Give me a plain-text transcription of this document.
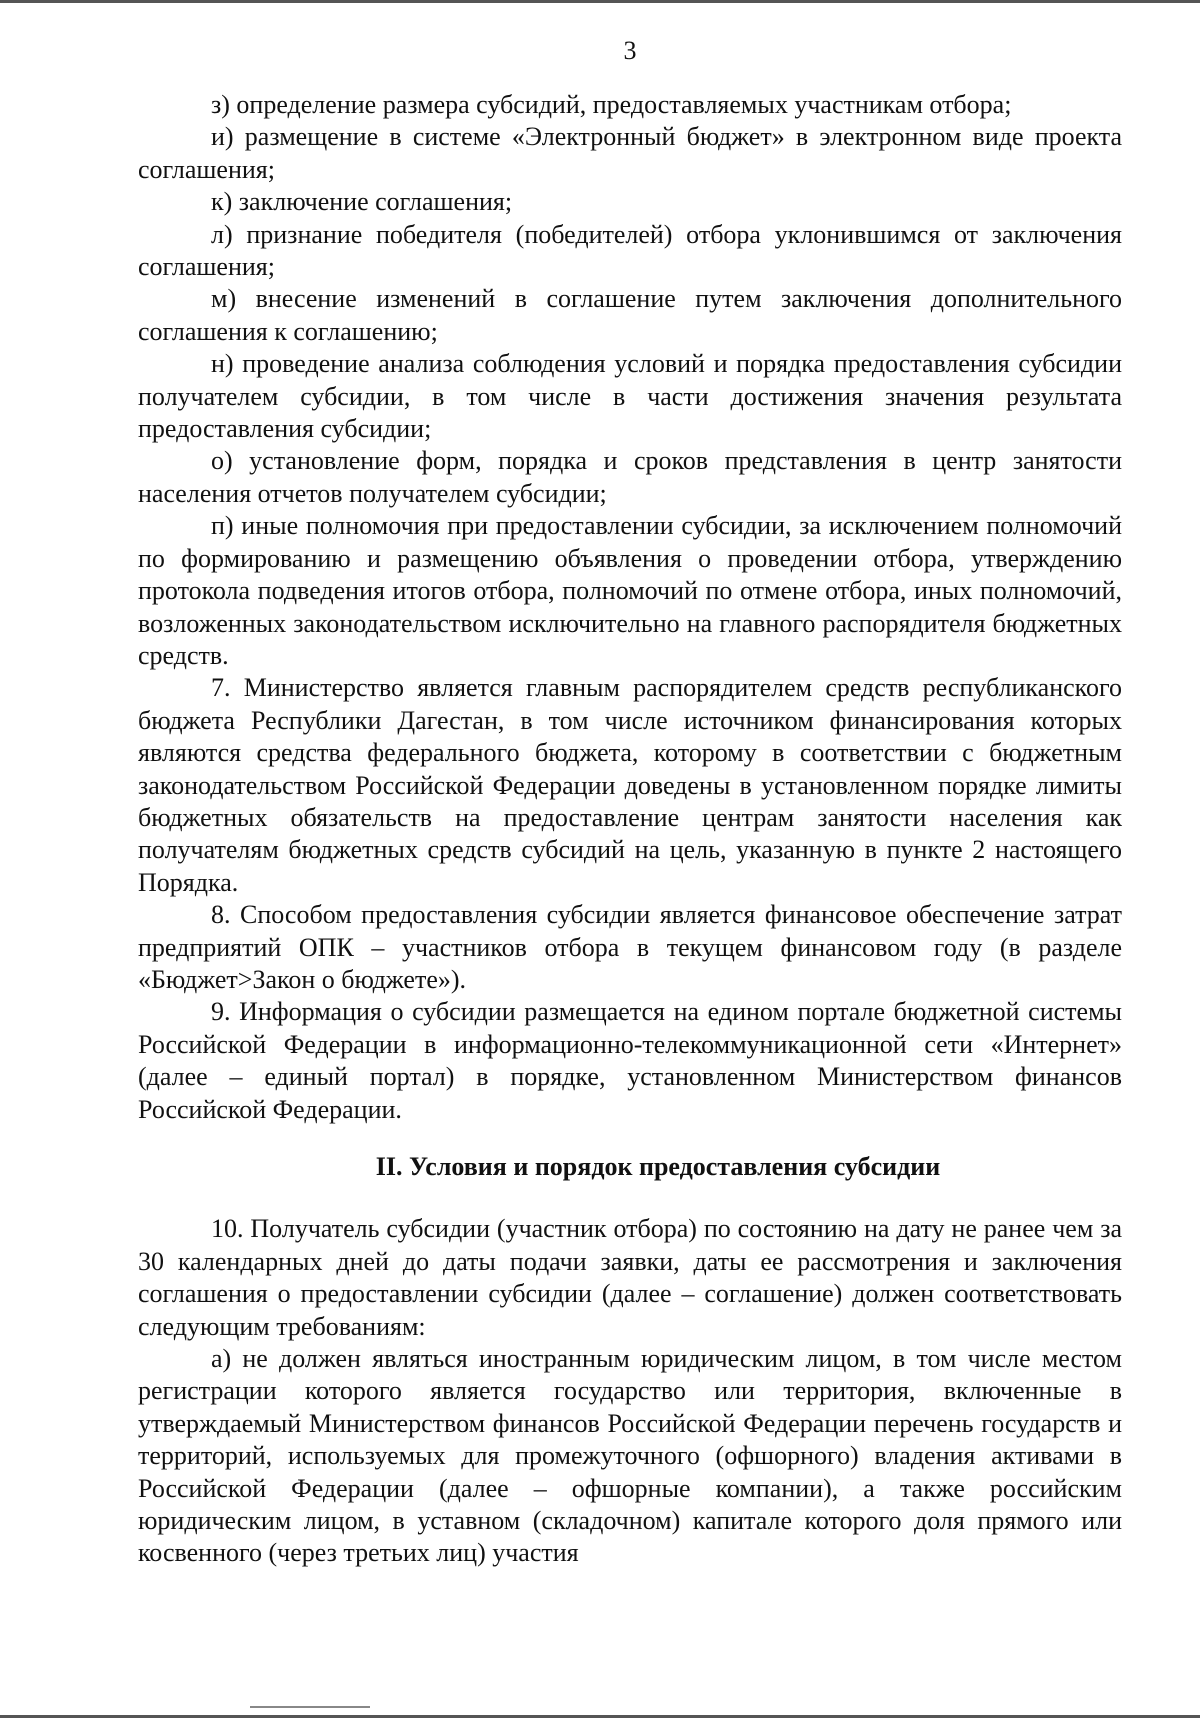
3

з) определение размера субсидий, предоставляемых участникам отбора;

и) размещение в системе «Электронный бюджет» в электронном виде проекта соглашения;

к) заключение соглашения;

л) признание победителя (победителей) отбора уклонившимся от заключения соглашения;

м) внесение изменений в соглашение путем заключения дополнительного соглашения к соглашению;

н) проведение анализа соблюдения условий и порядка предоставления субсидии получателем субсидии, в том числе в части достижения значения результата предоставления субсидии;

о) установление форм, порядка и сроков представления в центр занятости населения отчетов получателем субсидии;

п) иные полномочия при предоставлении субсидии, за исключением полномочий по формированию и размещению объявления о проведении отбора, утверждению протокола подведения итогов отбора, полномочий по отмене отбора, иных полномочий, возложенных законодательством исключительно на главного распорядителя бюджетных средств.

7. Министерство является главным распорядителем средств республиканского бюджета Республики Дагестан, в том числе источником финансирования которых являются средства федерального бюджета, которому в соответствии с бюджетным законодательством Российской Федерации доведены в установленном порядке лимиты бюджетных обязательств на предоставление центрам занятости населения как получателям бюджетных средств субсидий на цель, указанную в пункте 2 настоящего Порядка.

8. Способом предоставления субсидии является финансовое обеспечение затрат предприятий ОПК – участников отбора в текущем финансовом году (в разделе «Бюджет>Закон о бюджете»).

9. Информация о субсидии размещается на едином портале бюджетной системы Российской Федерации в информационно-телекоммуникационной сети «Интернет» (далее – единый портал) в порядке, установленном Министерством финансов Российской Федерации.

II. Условия и порядок предоставления субсидии

10. Получатель субсидии (участник отбора) по состоянию на дату не ранее чем за 30 календарных дней до даты подачи заявки, даты ее рассмотрения и заключения соглашения о предоставлении субсидии (далее – соглашение) должен соответствовать следующим требованиям:

а) не должен являться иностранным юридическим лицом, в том числе местом регистрации которого является государство или территория, включенные в утверждаемый Министерством финансов Российской Федерации перечень государств и территорий, используемых для промежуточного (офшорного) владения активами в Российской Федерации (далее – офшорные компании), а также российским юридическим лицом, в уставном (складочном) капитале которого доля прямого или косвенного (через третьих лиц) участия
